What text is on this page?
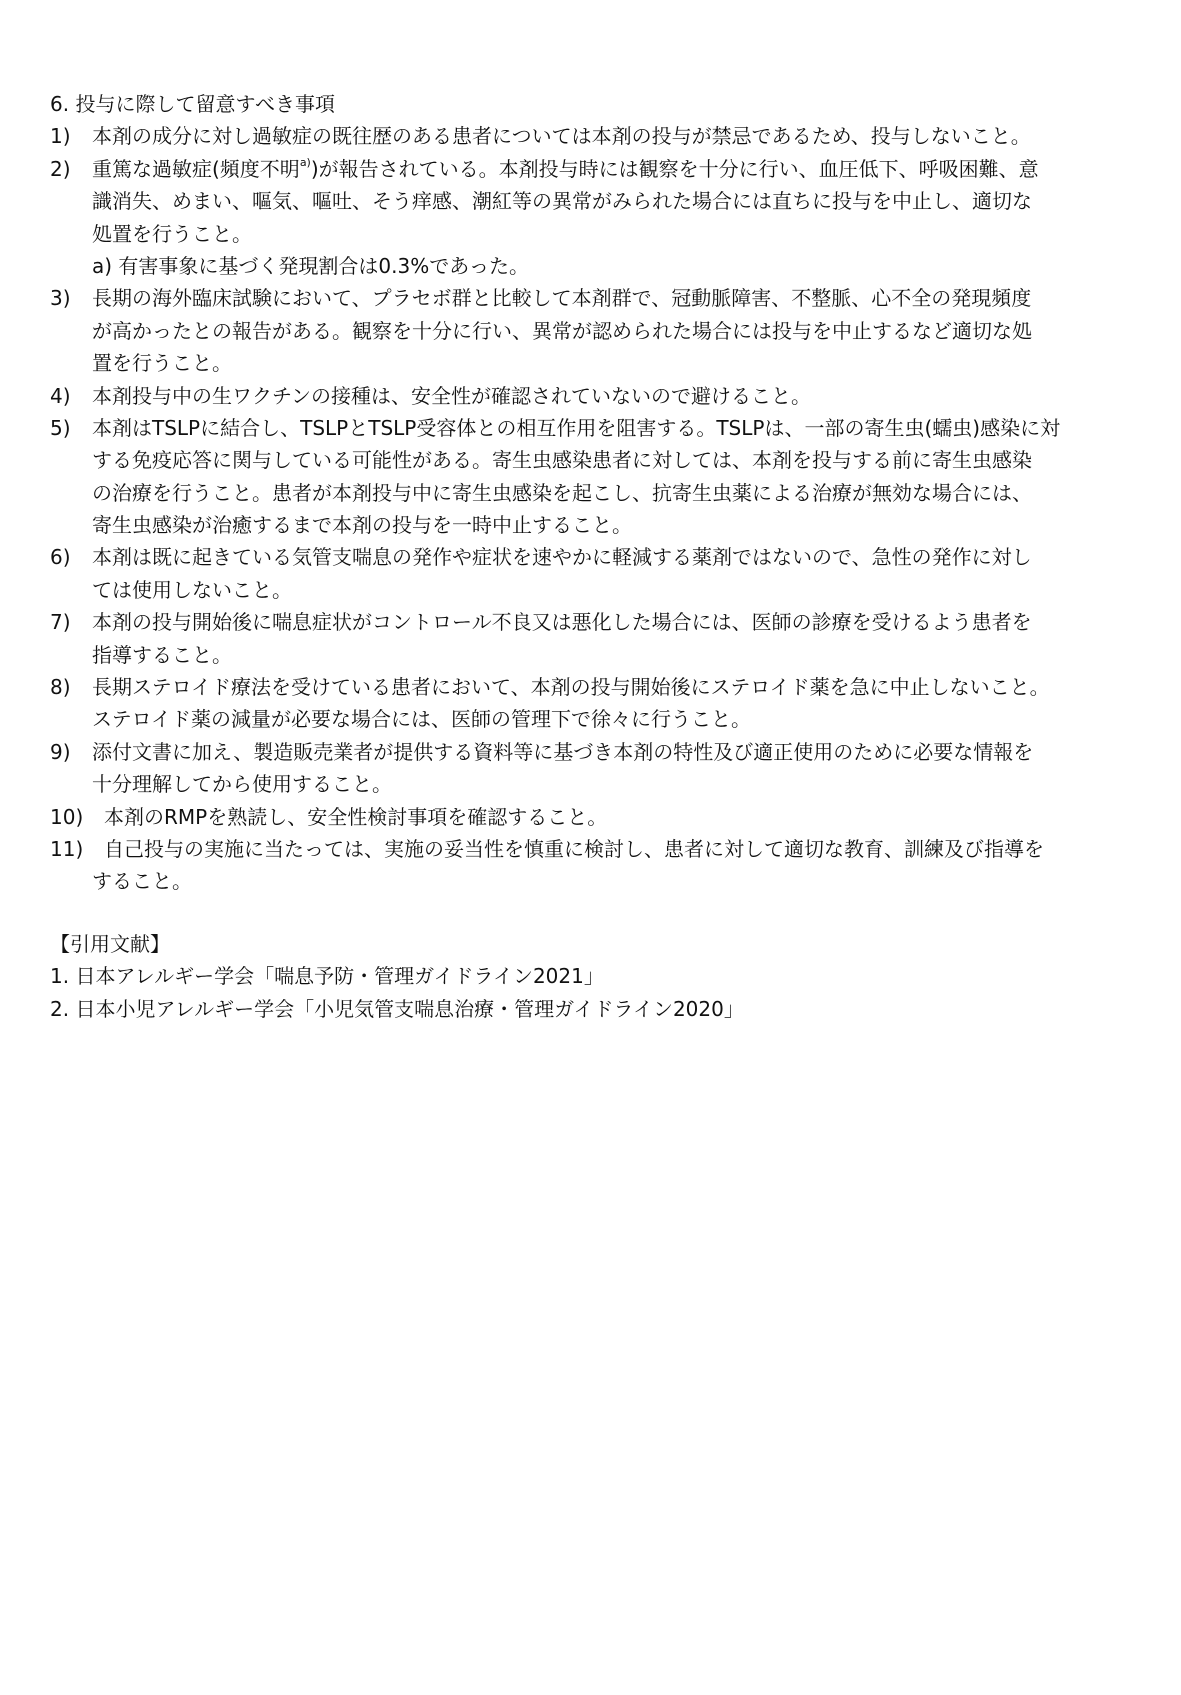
6. 投与に際して留意すべき事項
1) 本剤の成分に対し過敏症の既往歴のある患者については本剤の投与が禁忌であるため、投与しないこと。
2) 重篤な過敏症(頻度不明$^{a)}$)が報告されている。本剤投与時には観察を十分に行い、血圧低下、呼吸困難、意
識消失、めまい、嘔気、嘔吐、そう痒感、潮紅等の異常がみられた場合には直ちに投与を中止し、適切な
処置を行うこと。
a) 有害事象に基づく発現割合は0.3%であった。
3) 長期の海外臨床試験において、プラセボ群と比較して本剤群で、冠動脈障害、不整脈、心不全の発現頻度
が高かったとの報告がある。観察を十分に行い、異常が認められた場合には投与を中止するなど適切な処
置を行うこと。
4) 本剤投与中の生ワクチンの接種は、安全性が確認されていないので避けること。
5) 本剤はTSLPに結合し、TSLPとTSLP受容体との相互作用を阻害する。TSLPは、一部の寄生虫(蠕虫)感染に対
する免疫応答に関与している可能性がある。寄生虫感染患者に対しては、本剤を投与する前に寄生虫感染
の治療を行うこと。患者が本剤投与中に寄生虫感染を起こし、抗寄生虫薬による治療が無効な場合には、
寄生虫感染が治癒するまで本剤の投与を一時中止すること。
6) 本剤は既に起きている気管支喘息の発作や症状を速やかに軽減する薬剤ではないので、急性の発作に対し
ては使用しないこと。
7) 本剤の投与開始後に喘息症状がコントロール不良又は悪化した場合には、医師の診療を受けるよう患者を
指導すること。
8) 長期ステロイド療法を受けている患者において、本剤の投与開始後にステロイド薬を急に中止しないこと。
ステロイド薬の減量が必要な場合には、医師の管理下で徐々に行うこと。
9) 添付文書に加え、製造販売業者が提供する資料等に基づき本剤の特性及び適正使用のために必要な情報を
十分理解してから使用すること。
10) 本剤のRMPを熟読し、安全性検討事項を確認すること。
11) 自己投与の実施に当たっては、実施の妥当性を慎重に検討し、患者に対して適切な教育、訓練及び指導を
すること。
【引用文献】
1. 日本アレルギー学会「喘息予防・管理ガイドライン2021」
2. 日本小児アレルギー学会「小児気管支喘息治療・管理ガイドライン2020」
